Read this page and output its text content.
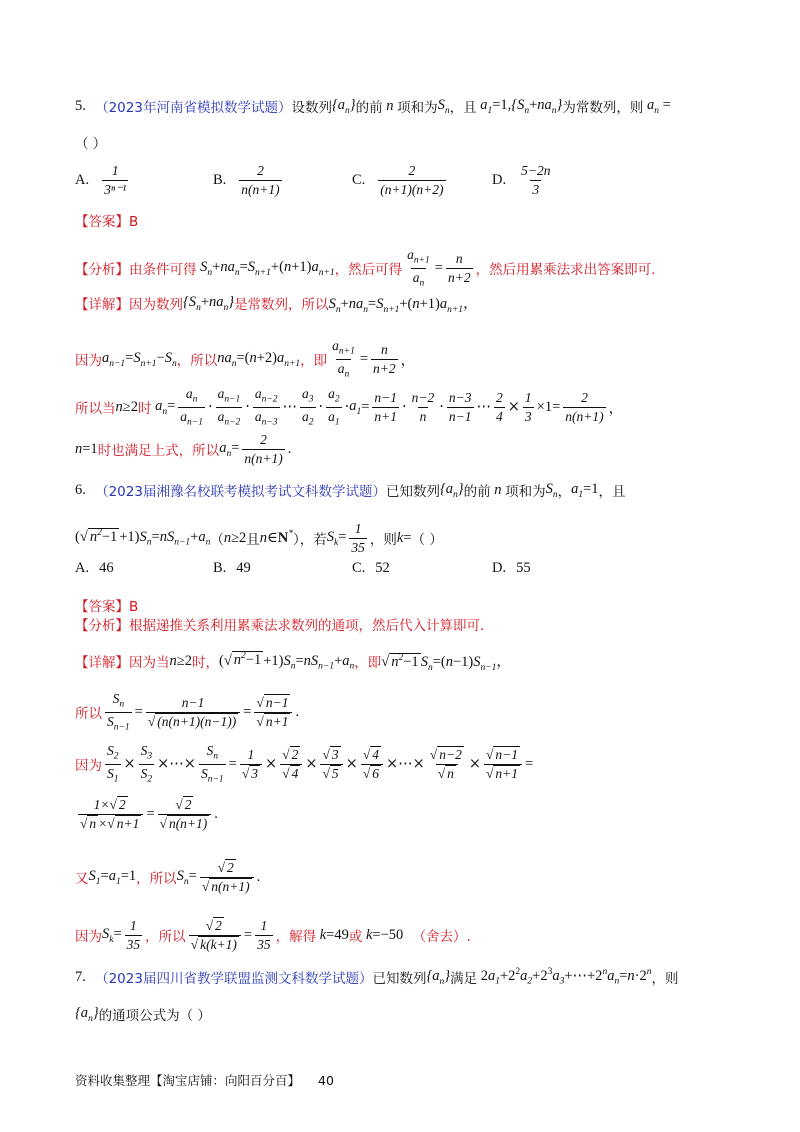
5.
（2023年河南省模拟数学试题） 设数列 $\{a_n\}$ 的前 n 项和为 $S_n$ ，且 $a_1=1,\{S_n+na_n\}$ 为常数列，则 $a_n$ =
（ ）
A. $\frac{1}{\text{3ⁿ⁻¹}}$	B. $\frac{2}{n(n+1)}$	C. $\frac{2}{(n+1)(n+2)}$	D. $\frac{5-2n}{3}$
【答案】B
【分析】 由条件可得 $S_n+na_n=S_{n+1}+(n+1)a_{n+1}$ ，然后可得 $\frac{a_{n+1}}{a_n} = \frac{n}{n+2}$ ，然后用累乘法求出答案即可.
【详解】 因为数列 $\{S_n+na_n\}$ 是常数列，所以 $S_n+na_n=S_{n+1}+(n+1)a_{n+1}$，
因为 $a_{n-1}=S_{n+1}-S_n$ ，所以 $na_n=(n+2)a_{n+1}$ ，即 $\frac{a_{n+1}}{a_n} = \frac{n}{n+2}$ ，
所以当 n≥2 时 $a_n= \frac{a_n}{a_{n-1}} \cdot \frac{a_{n-1}}{a_{n-2}} \cdot \frac{a_{n-2}}{a_{n-3}}$ ⋯ $\frac{a_3}{a_2} \cdot \frac{a_2}{a_1} \cdot a_1 = \frac{n-1}{n+1} \cdot \frac{n-2}{n} \cdot \frac{n-3}{n-1}$ ⋯ $\frac{2}{4} \times \frac{1}{3} \times 1= \frac{2}{n(n+1)}$ ，
n=1 时也满足上式，所以 $a_n= \frac{2}{n(n+1)}$ .
6.
（2023届湘豫名校联考模拟考试文科数学试题） 已知数列 $\{a_n\}$ 的前 n 项和为 $S_n$ ， $a_1=1$ ，且
(√ $n^2-1 +1)S_n=nS_{n-1}+a_n$ （ n≥2 且 n∈N* ），若 $S_k= \frac{1}{35}$ ，则 k= （ ）
A. 46	B. 49	C. 52	D. 55
【答案】B
【分析】 根据递推关系利用累乘法求数列的通项，然后代入计算即可.
【详解】 因为当 n≥2 时， (√ $n^2-1 +1)S_n=nS_{n-1}+a_n$ ，即 √ $n^2-1$ $S_n=(n-1)S_{n-1}$，
所以 $\frac{S_n}{S_{n-1}} = \frac{n-1}{√ (n(n+1)(n-1))} = \frac{√ n-1}{√ n+1}$ .
因为 $\frac{S_2}{S_1} \times \frac{S_3}{S_2}$ ×⋯× $\frac{S_n}{S_{n-1}} = \frac{1}{√ 3} \times \frac{√ 2}{√ 4} \times \frac{√ 3}{√ 5} \times \frac{√ 4}{√ 6}$ ×⋯× $\frac{√ n-2}{√ n} \times \frac{√ n-1}{√ n+1}$ =
$\frac{1\times√ 2}{√ n \times√ n+1} = \frac{√ 2}{√ n(n+1)}$ .
又 $S_1=a_1=1$ ，所以 $S_n= \frac{√ 2}{√ n(n+1)}$ .
因为 $S_k= \frac{1}{35}$ ，所以 $\frac{√ 2}{√ k(k+1)} = \frac{1}{35}$ ，解得 k=49 或 k=−50
（舍去）.
7.
（2023届四川省教学联盟监测文科数学试题） 已知数列 $\{a_n\}$ 满足 $2a_1+2^2a_2+2^3a_3+\cdots+2^na_n=n\cdot 2^n$ ，则
$\{a_n\}$ 的通项公式为（ ）
资料收集整理【淘宝店铺：向阳百分百】 40
